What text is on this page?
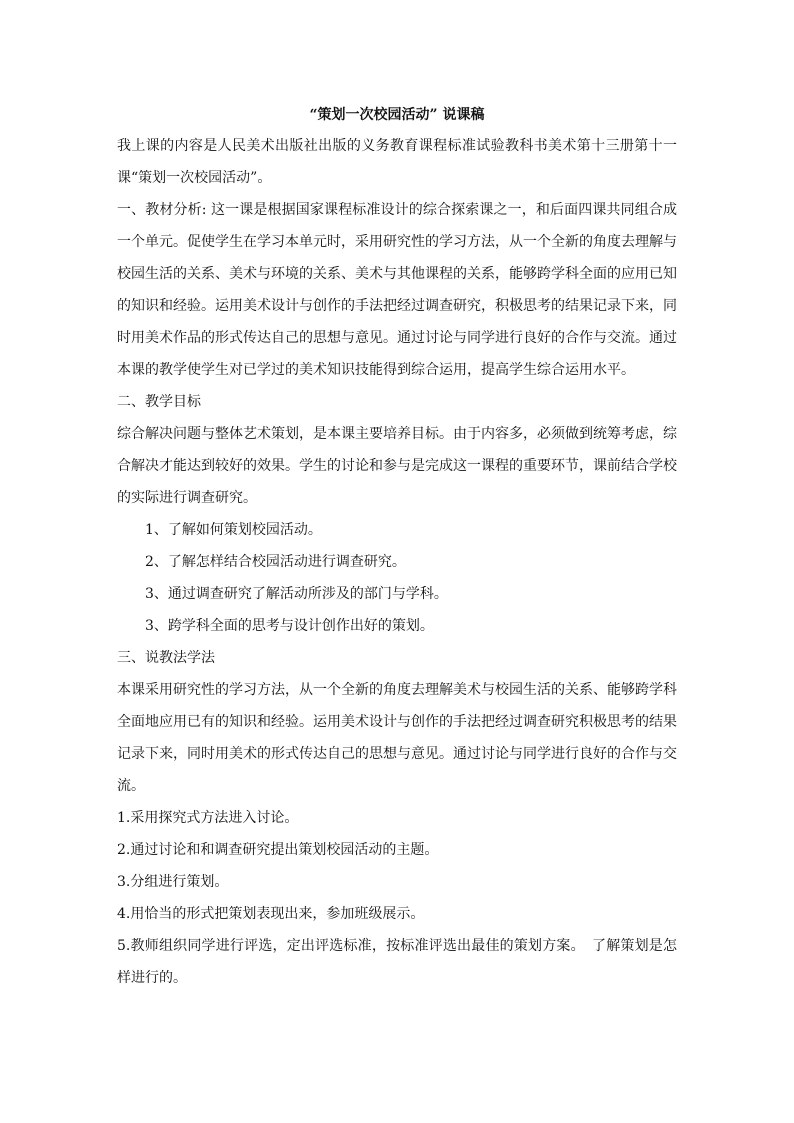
“策划一次校园活动” 说课稿

我上课的内容是人民美术出版社出版的义务教育课程标准试验教科书美术第十三册第十一课“策划一次校园活动”。

一、教材分析: 这一课是根据国家课程标准设计的综合探索课之一，和后面四课共同组合成一个单元。促使学生在学习本单元时，采用研究性的学习方法，从一个全新的角度去理解与校园生活的关系、美术与环境的关系、美术与其他课程的关系，能够跨学科全面的应用已知的知识和经验。运用美术设计与创作的手法把经过调查研究，积极思考的结果记录下来，同时用美术作品的形式传达自己的思想与意见。通过讨论与同学进行良好的合作与交流。通过本课的教学使学生对已学过的美术知识技能得到综合运用，提高学生综合运用水平。

二、教学目标

综合解决问题与整体艺术策划，是本课主要培养目标。由于内容多，必须做到统筹考虑，综合解决才能达到较好的效果。学生的讨论和参与是完成这一课程的重要环节，课前结合学校的实际进行调查研究。

1、了解如何策划校园活动。

2、了解怎样结合校园活动进行调查研究。

3、通过调查研究了解活动所涉及的部门与学科。

3、跨学科全面的思考与设计创作出好的策划。

三、说教法学法

本课采用研究性的学习方法，从一个全新的角度去理解美术与校园生活的关系、能够跨学科全面地应用已有的知识和经验。运用美术设计与创作的手法把经过调查研究积极思考的结果记录下来，同时用美术的形式传达自己的思想与意见。通过讨论与同学进行良好的合作与交流。

1.采用探究式方法进入讨论。

2.通过讨论和和调查研究提出策划校园活动的主题。

3.分组进行策划。

4.用恰当的形式把策划表现出来，参加班级展示。

5.教师组织同学进行评选，定出评选标准，按标准评选出最佳的策划方案。　了解策划是怎样进行的。
